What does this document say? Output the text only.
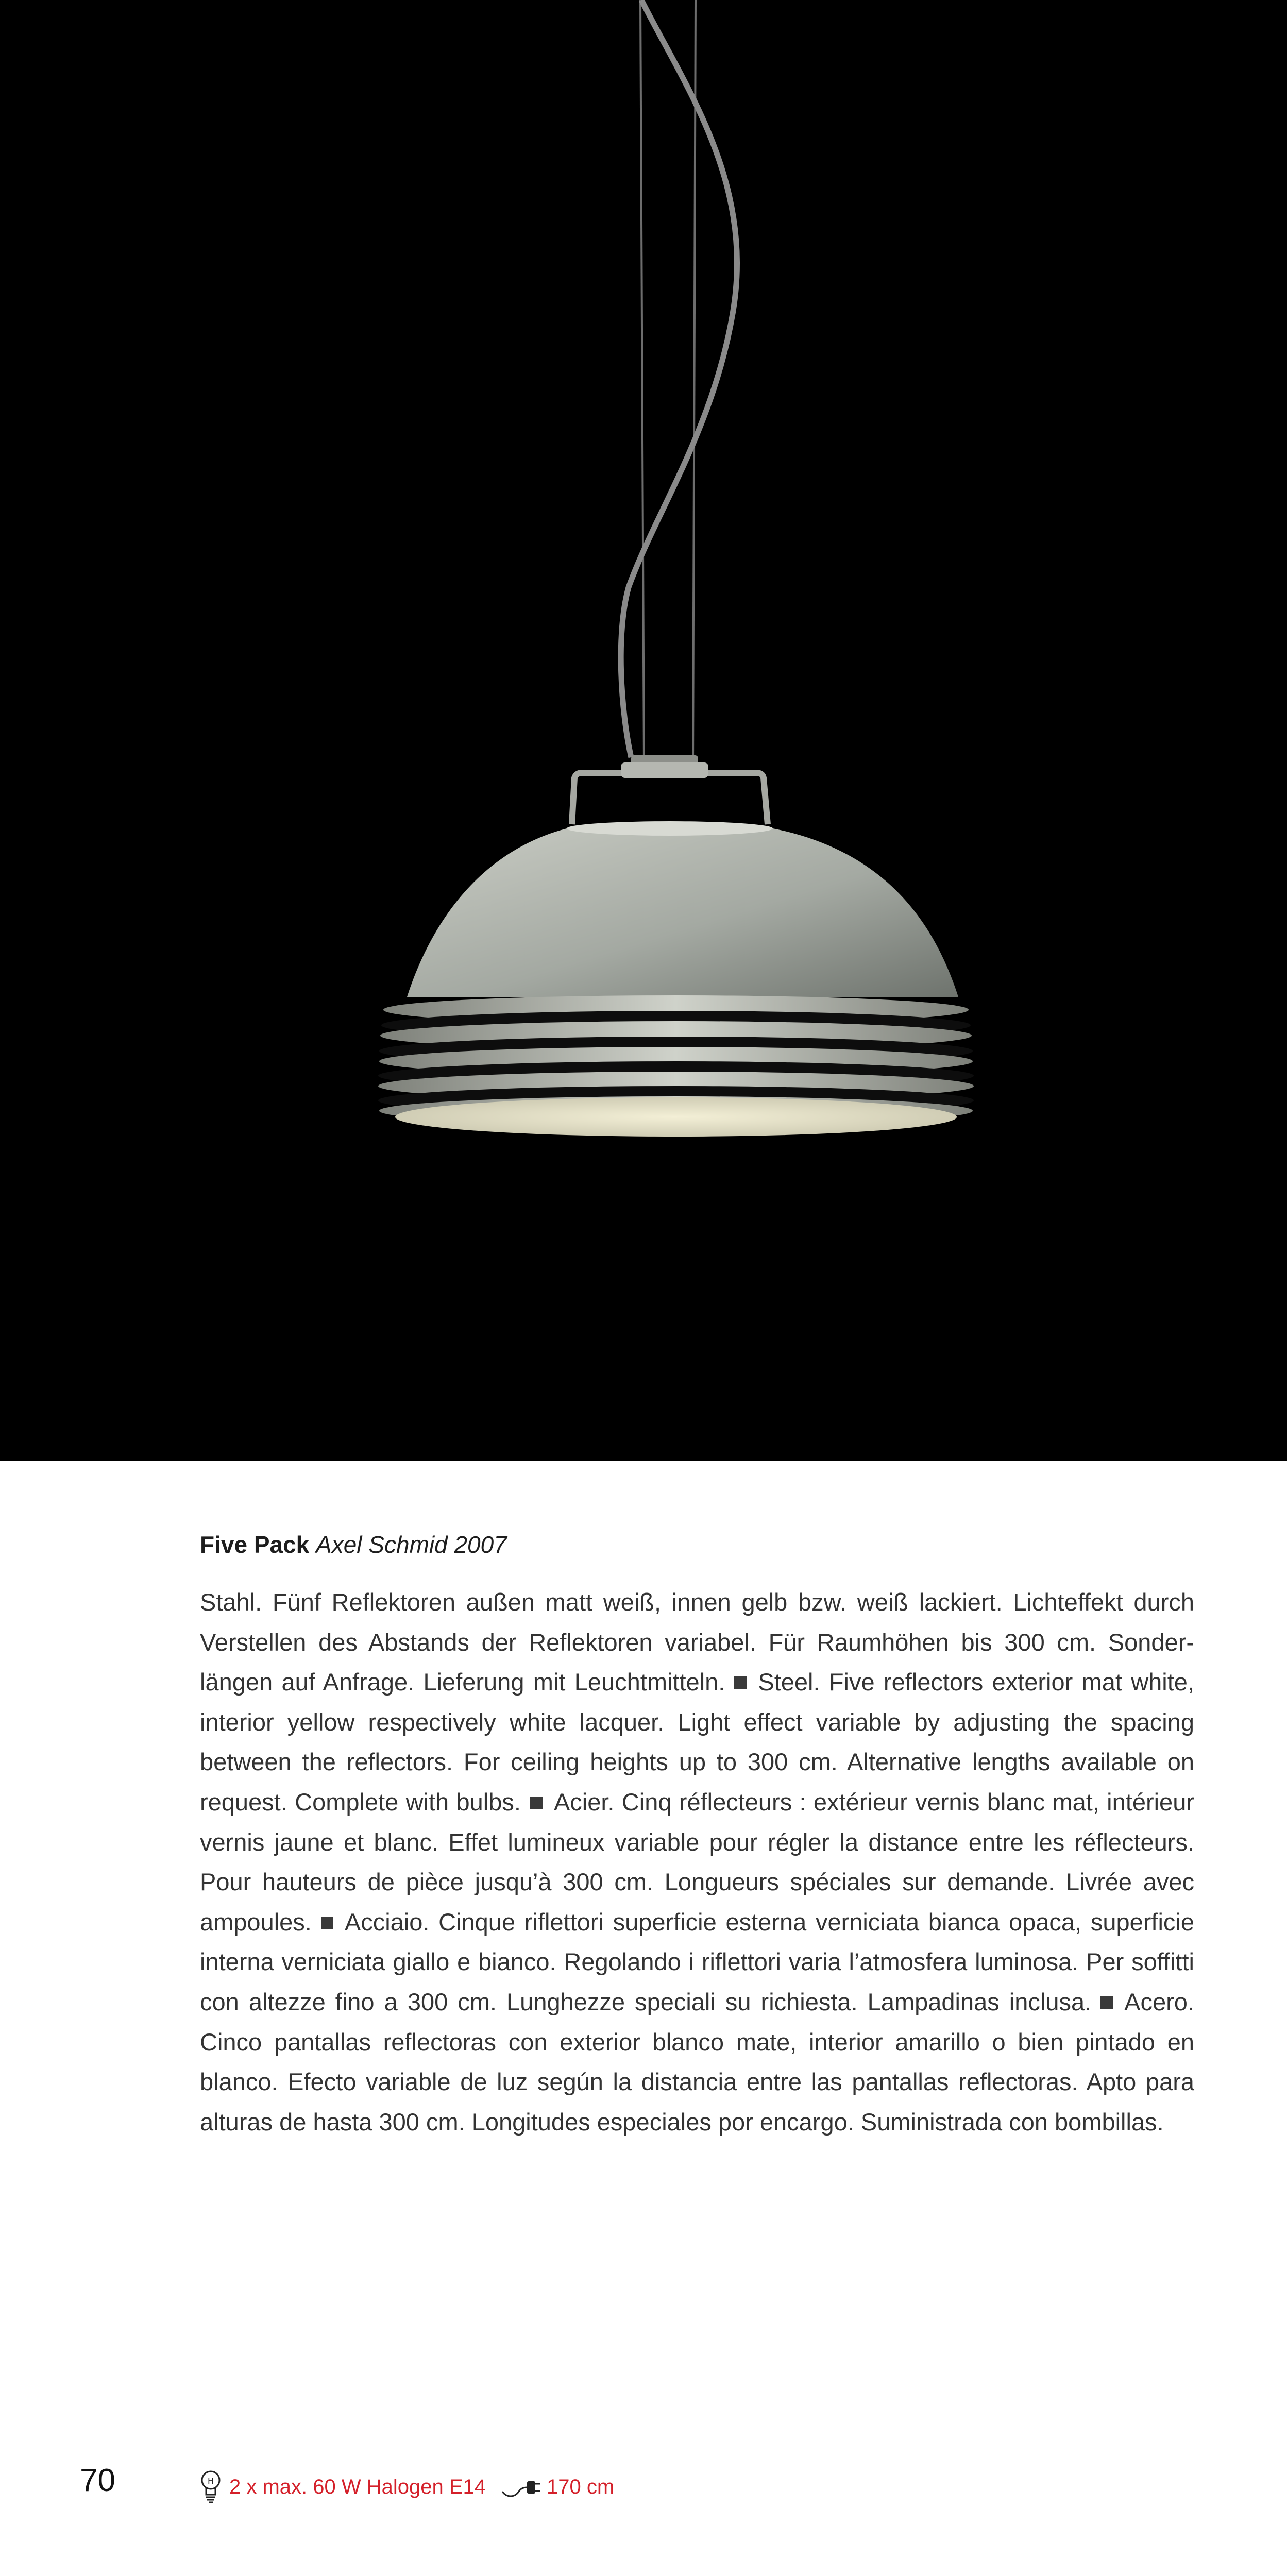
Five Pack Axel Schmid 2007
Stahl. Fünf Reflektoren außen matt weiß, innen gelb bzw. weiß lackiert. Lichteffekt durch Verstellen des Abstands der Reflektoren variabel. Für Raumhöhen bis 300 cm. Sonder-längen auf Anfrage. Lieferung mit Leuchtmitteln. Steel. Five reflectors exterior mat white, interior yellow respectively white lacquer. Light effect variable by adjusting the spacing between the reflectors. For ceiling heights up to 300 cm. Alternative lengths available on request. Complete with bulbs. Acier. Cinq réflecteurs : extérieur vernis blanc mat, intérieur vernis jaune et blanc. Effet lumineux variable pour régler la distance entre les réflecteurs. Pour hauteurs de pièce jusqu’à 300 cm. Longueurs spéciales sur demande. Livrée avec ampoules. Acciaio. Cinque riflettori superficie esterna verniciata bianca opaca, superficie interna verniciata giallo e bianco. Regolando i riflettori varia l’atmosfera luminosa. Per soffitti con altezze fino a 300 cm. Lunghezze speciali su richiesta. Lampadinas inclusa. Acero. Cinco pantallas reflectoras con exterior blanco mate, interior amarillo o bien pintado en blanco. Efecto variable de luz según la distancia entre las pantallas reflectoras. Apto para alturas de hasta 300 cm. Longitudes especiales por encargo. Suministrada con bombillas.
70	H 2 x max. 60 W Halogen E14	170 cm
